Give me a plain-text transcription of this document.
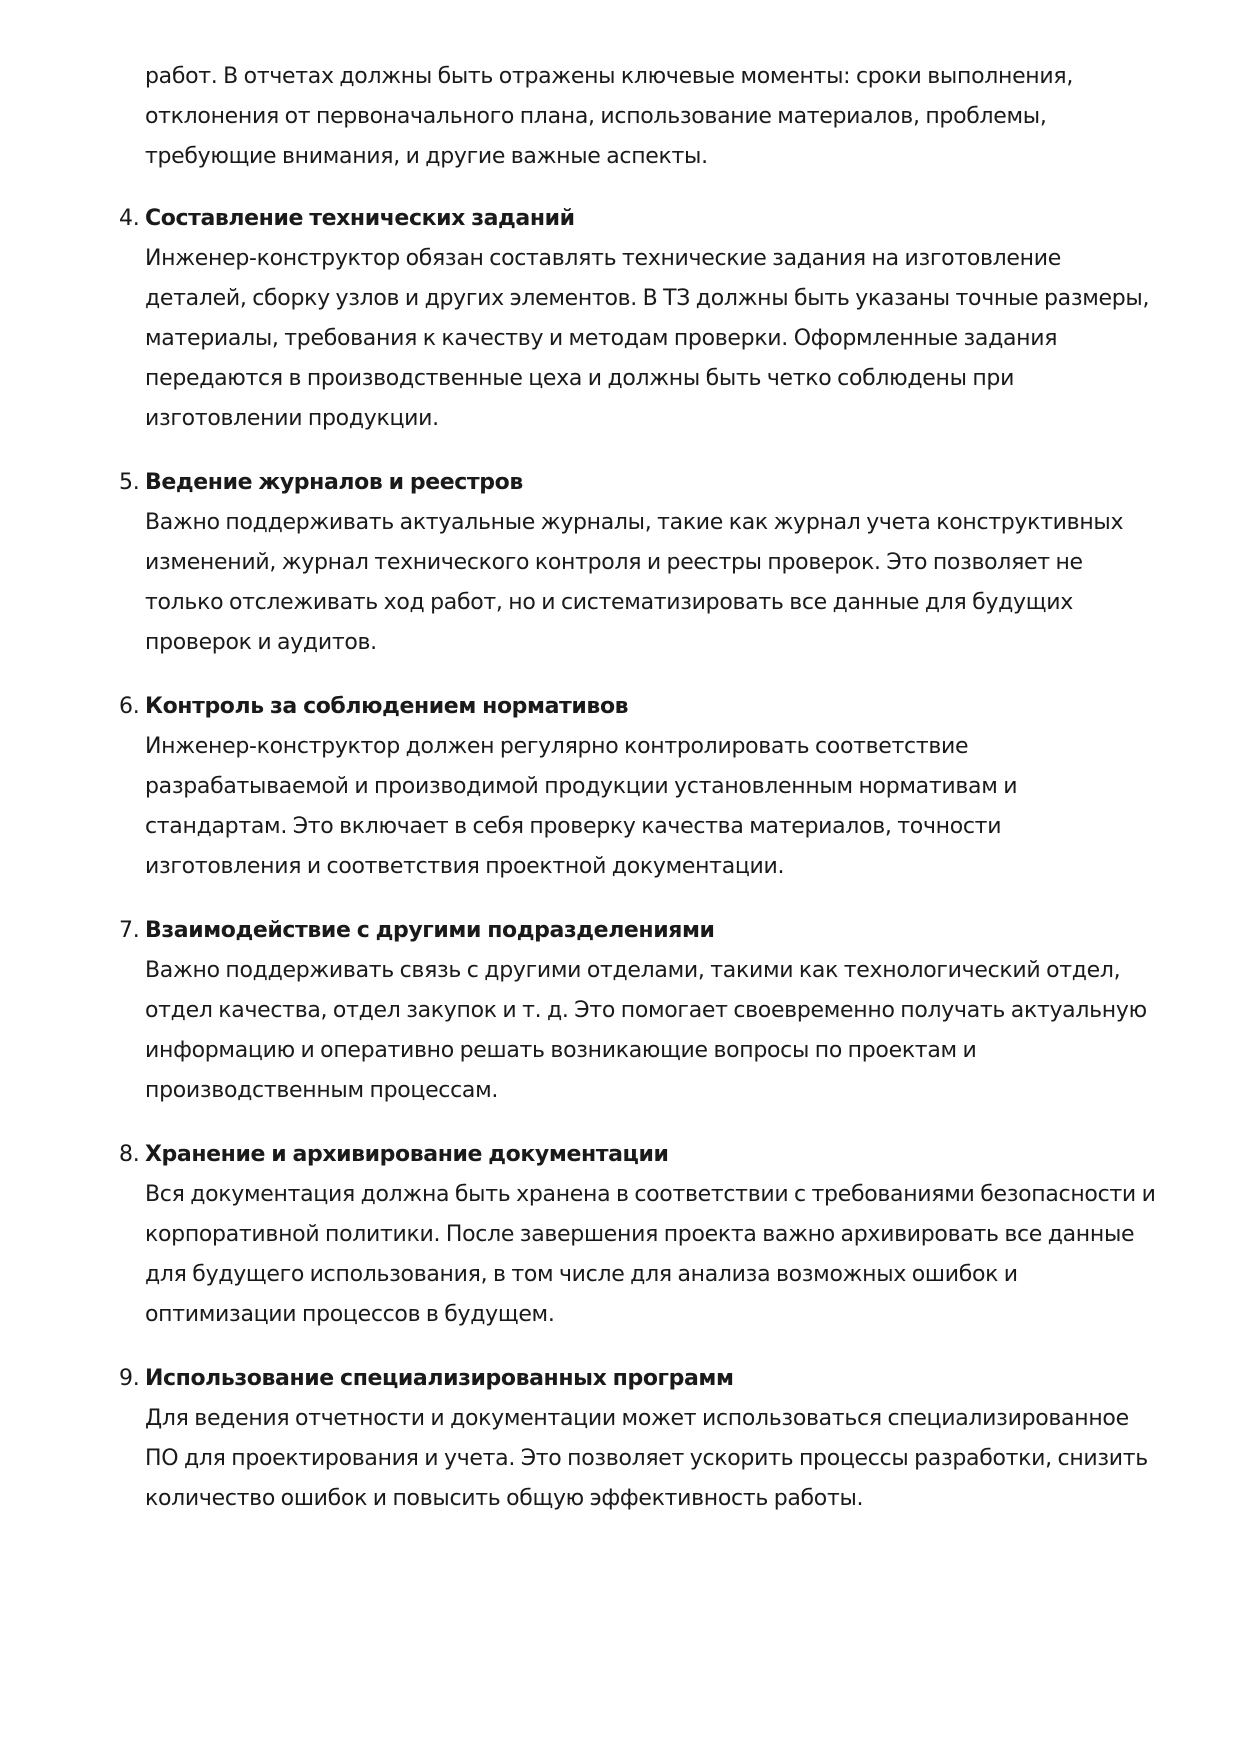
работ. В отчетах должны быть отражены ключевые моменты: сроки выполнения, отклонения от первоначального плана, использование материалов, проблемы, требующие внимания, и другие важные аспекты.

4. Составление технических заданий
Инженер-конструктор обязан составлять технические задания на изготовление деталей, сборку узлов и других элементов. В ТЗ должны быть указаны точные размеры, материалы, требования к качеству и методам проверки. Оформленные задания передаются в производственные цеха и должны быть четко соблюдены при изготовлении продукции.
5. Ведение журналов и реестров
Важно поддерживать актуальные журналы, такие как журнал учета конструктивных изменений, журнал технического контроля и реестры проверок. Это позволяет не только отслеживать ход работ, но и систематизировать все данные для будущих проверок и аудитов.
6. Контроль за соблюдением нормативов
Инженер-конструктор должен регулярно контролировать соответствие разрабатываемой и производимой продукции установленным нормативам и стандартам. Это включает в себя проверку качества материалов, точности изготовления и соответствия проектной документации.
7. Взаимодействие с другими подразделениями
Важно поддерживать связь с другими отделами, такими как технологический отдел, отдел качества, отдел закупок и т. д. Это помогает своевременно получать актуальную информацию и оперативно решать возникающие вопросы по проектам и производственным процессам.
8. Хранение и архивирование документации
Вся документация должна быть хранена в соответствии с требованиями безопасности и корпоративной политики. После завершения проекта важно архивировать все данные для будущего использования, в том числе для анализа возможных ошибок и оптимизации процессов в будущем.
9. Использование специализированных программ
Для ведения отчетности и документации может использоваться специализированное ПО для проектирования и учета. Это позволяет ускорить процессы разработки, снизить количество ошибок и повысить общую эффективность работы.
